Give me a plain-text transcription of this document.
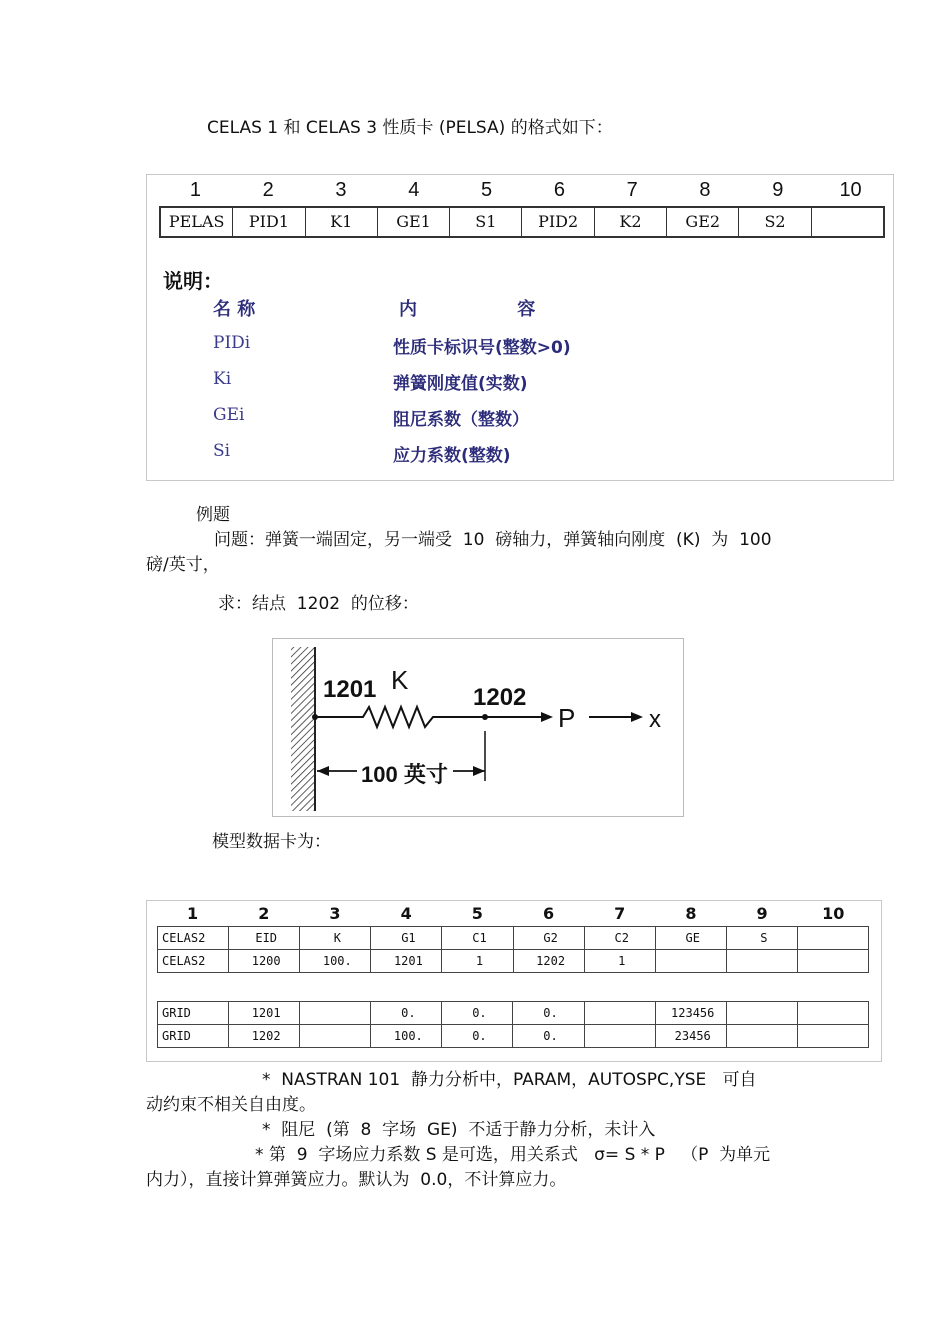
CELAS 1 和 CELAS 3 性质卡 (PELSA) 的格式如下：
1	2	3	4	5	6	7	8	9	10
PELAS	PID1	K1	GE1	S1	PID2	K2	GE2	S2
说明：
名 称	内                容
PIDi	性质卡标识号(整数>0)
Ki	弹簧刚度值(实数)
GEi	阻尼系数（整数）
Si	应力系数(整数)
例题
问题：弹簧一端固定，另一端受  10  磅轴力，弹簧轴向刚度  (K)  为  100
磅/英寸，
求：结点  1202  的位移：
1201 K
1202
P	x
100 英寸
模型数据卡为：
1	2	3	4	5	6	7	8	9	10
CELAS2	EID	K	G1	C1	G2	C2	GE	S	
CELAS2	1200	100.	1201	1	1202	1			
GRID	1201		0.	0.	0.		123456		
GRID	1202		100.	0.	0.		23456		
*  NASTRAN 101  静力分析中，PARAM，AUTOSPC,YSE   可自
动约束不相关自由度。
*  阻尼  (第  8  字场  GE)  不适于静力分析，未计入
* 第  9  字场应力系数 S 是可选，用关系式   σ= S * P   （P  为单元
内力），直接计算弹簧应力。默认为  0.0，不计算应力。
